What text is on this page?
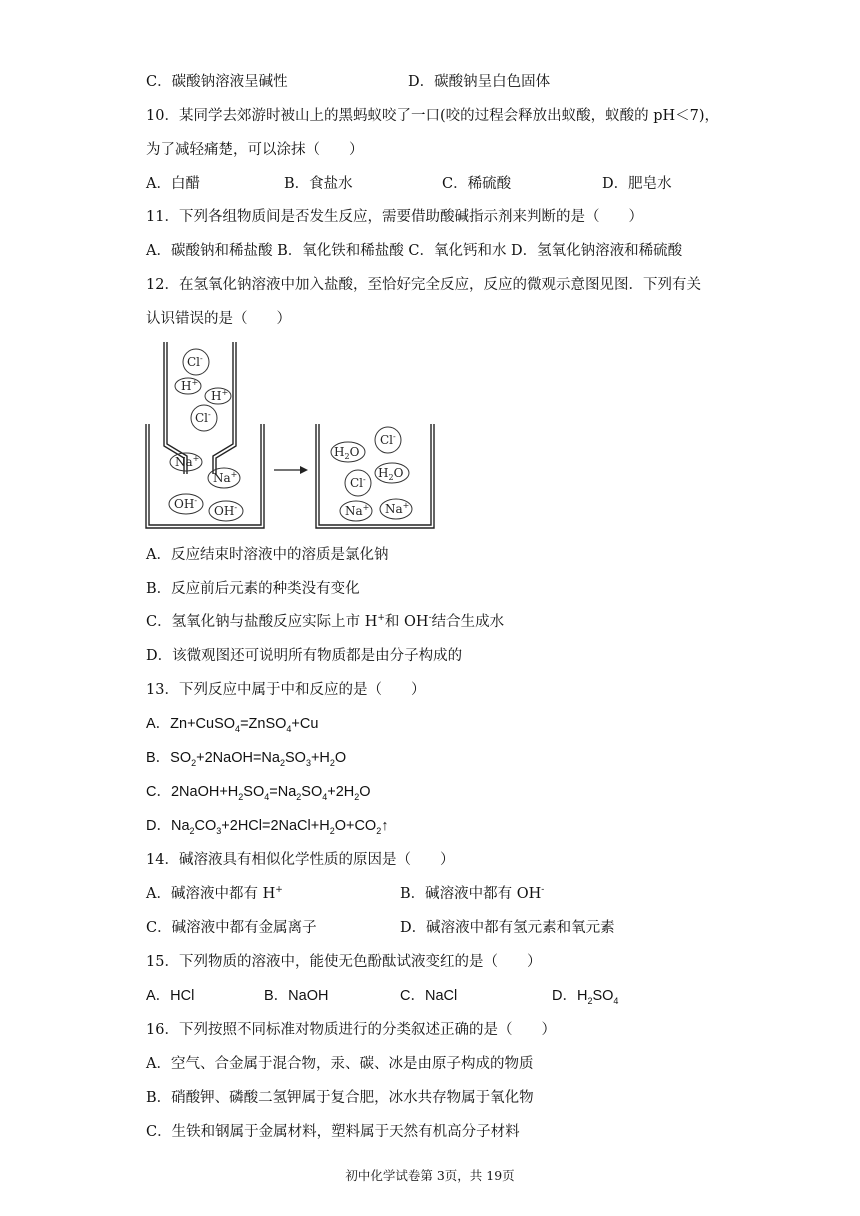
C．碳酸钠溶液呈碱性	D．碳酸钠呈白色固体
10．某同学去郊游时被山上的黑蚂蚁咬了一口(咬的过程会释放出蚁酸，蚁酸的 pH＜7)，
为了减轻痛楚，可以涂抹（　　）
A．白醋	B．食盐水	C．稀硫酸	D．肥皂水
11．下列各组物质间是否发生反应，需要借助酸碱指示剂来判断的是（　　）
A．碳酸钠和稀盐酸 B．氧化铁和稀盐酸 C．氧化钙和水 D．氢氧化钠溶液和稀硫酸
12．在氢氧化钠溶液中加入盐酸，至恰好完全反应，反应的微观示意图见图．下列有关
认识错误的是（　　）
Cl-
H+
H+
Cl-
Na+
Na+
OH-
OH-
$H_2O$
Cl-
$H_2O$
Cl-
Na+ Na+
A．反应结束时溶液中的溶质是氯化钠
B．反应前后元素的种类没有变化
C．氢氧化钠与盐酸反应实际上市 H+和 OH-结合生成水
D．该微观图还可说明所有物质都是由分子构成的
13．下列反应中属于中和反应的是（　　）
A．Zn+CuSO$_4$=ZnSO$_4$+Cu
B．$SO_2+2NaOH=Na_2SO_3+H_2O$
C．$2NaOH+H_2SO_4=Na_2SO_4+2H_2O$
D．$Na_2CO_3+2HCl=2NaCl+H_2O+CO_2↑$
14．碱溶液具有相似化学性质的原因是（　　）
A．碱溶液中都有 H+	B．碱溶液中都有 OH-
C．碱溶液中都有金属离子	D．碱溶液中都有氢元素和氧元素
15．下列物质的溶液中，能使无色酚酞试液变红的是（　　）
A．HCl	B．NaOH	C．NaCl	D．$H_2SO_4$
16．下列按照不同标准对物质进行的分类叙述正确的是（　　）
A．空气、合金属于混合物，汞、碳、冰是由原子构成的物质
B．硝酸钾、磷酸二氢钾属于复合肥，冰水共存物属于氧化物
C．生铁和钢属于金属材料，塑料属于天然有机高分子材料
初中化学试卷第 3页，共 19页
